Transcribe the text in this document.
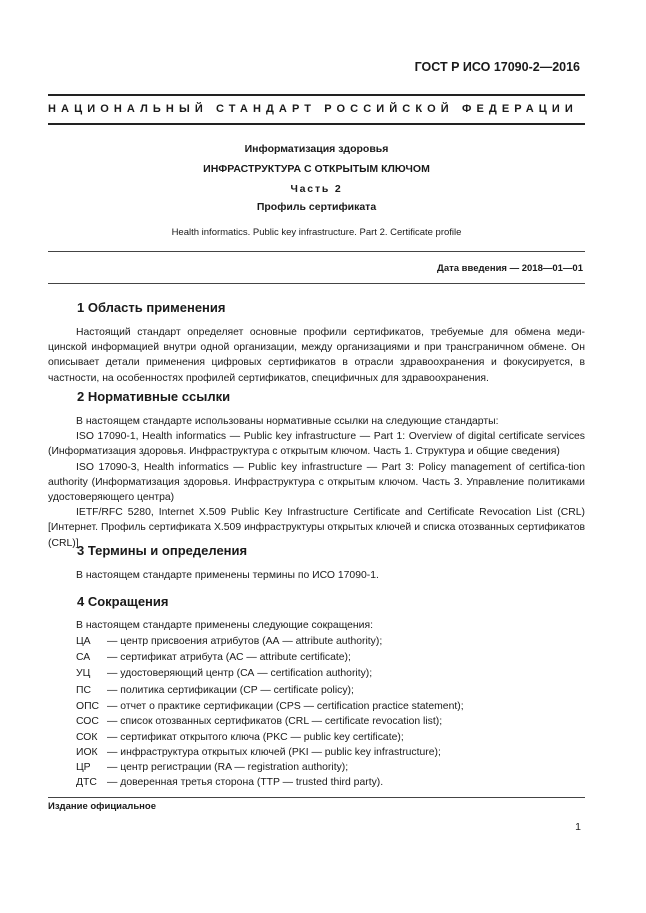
ГОСТ Р ИСО 17090-2—2016
НАЦИОНАЛЬНЫЙ СТАНДАРТ РОССИЙСКОЙ ФЕДЕРАЦИИ
Информатизация здоровья
ИНФРАСТРУКТУРА С ОТКРЫТЫМ КЛЮЧОМ
Часть 2
Профиль сертификата
Health informatics. Public key infrastructure. Part 2. Certificate profile
Дата введения — 2018—01—01
1 Область применения
Настоящий стандарт определяет основные профили сертификатов, требуемые для обмена меди-цинской информацией внутри одной организации, между организациями и при трансграничном обмене. Он описывает детали применения цифровых сертификатов в отрасли здравоохранения и фокусируется, в частности, на особенностях профилей сертификатов, специфичных для здравоохранения.
2 Нормативные ссылки
В настоящем стандарте использованы нормативные ссылки на следующие стандарты:
ISO 17090-1, Health informatics — Public key infrastructure — Part 1: Overview of digital certificate services (Информатизация здоровья. Инфраструктура с открытым ключом. Часть 1. Структура и общие сведения)
ISO 17090-3, Health informatics — Public key infrastructure — Part 3: Policy management of certifica-tion authority (Информатизация здоровья. Инфраструктура с открытым ключом. Часть 3. Управление политиками удостоверяющего центра)
IETF/RFC 5280, Internet X.509 Public Key Infrastructure Certificate and Certificate Revocation List (CRL) [Интернет. Профиль сертификата X.509 инфраструктуры открытых ключей и списка отозванных сертификатов (CRL)]
3 Термины и определения
В настоящем стандарте применены термины по ИСО 17090-1.
4 Сокращения
В настоящем стандарте применены следующие сокращения:
ЦА — центр присвоения атрибутов (АА — attribute authority);
СА — сертификат атрибута (АС — attribute certificate);
УЦ — удостоверяющий центр (СА — certification authority);
ПС — политика сертификации (CP — certificate policy);
ОПС — отчет о практике сертификации (CPS — certification practice statement);
СОС — список отозванных сертификатов (CRL — certificate revocation list);
СОК — сертификат открытого ключа (PKC — public key certificate);
ИОК — инфраструктура открытых ключей (PKI — public key infrastructure);
ЦР — центр регистрации (RA — registration authority);
ДТС — доверенная третья сторона (TTP — trusted third party).
Издание официальное
1
